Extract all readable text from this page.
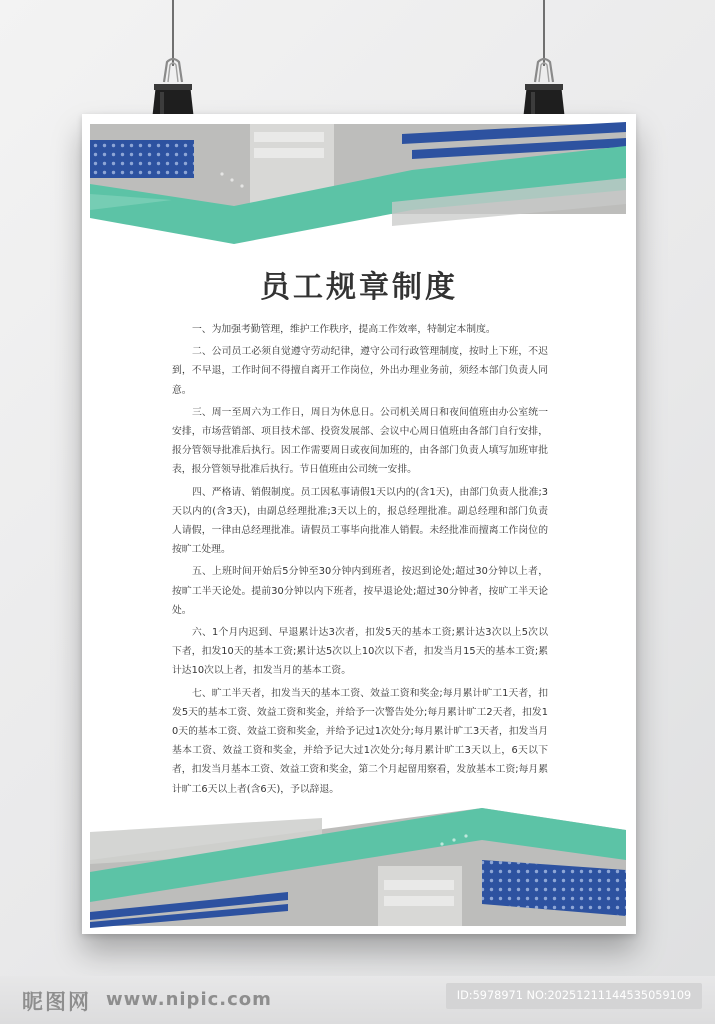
员工规章制度

一、为加强考勤管理，维护工作秩序，提高工作效率，特制定本制度。

二、公司员工必须自觉遵守劳动纪律，遵守公司行政管理制度，按时上下班，不迟到，不早退，工作时间不得擅自离开工作岗位，外出办理业务前，须经本部门负责人同意。

三、周一至周六为工作日，周日为休息日。公司机关周日和夜间值班由办公室统一安排，市场营销部、项目技术部、投资发展部、会议中心周日值班由各部门自行安排，报分管领导批准后执行。因工作需要周日或夜间加班的，由各部门负责人填写加班审批表，报分管领导批准后执行。节日值班由公司统一安排。

四、严格请、销假制度。员工因私事请假1天以内的(含1天)，由部门负责人批准;3天以内的(含3天)，由副总经理批准;3天以上的，报总经理批准。副总经理和部门负责人请假，一律由总经理批准。请假员工事毕向批准人销假。未经批准而擅离工作岗位的按旷工处理。

五、上班时间开始后5分钟至30分钟内到班者，按迟到论处;超过30分钟以上者，按旷工半天论处。提前30分钟以内下班者，按早退论处;超过30分钟者，按旷工半天论处。

六、1个月内迟到、早退累计达3次者，扣发5天的基本工资;累计达3次以上5次以下者，扣发10天的基本工资;累计达5次以上10次以下者，扣发当月15天的基本工资;累计达10次以上者，扣发当月的基本工资。

七、旷工半天者，扣发当天的基本工资、效益工资和奖金;每月累计旷工1天者，扣发5天的基本工资、效益工资和奖金，并给予一次警告处分;每月累计旷工2天者，扣发10天的基本工资、效益工资和奖金，并给予记过1次处分;每月累计旷工3天者，扣发当月基本工资、效益工资和奖金，并给予记大过1次处分;每月累计旷工3天以上，6天以下者，扣发当月基本工资、效益工资和奖金，第二个月起留用察看，发放基本工资;每月累计旷工6天以上者(含6天)，予以辞退。

昵图网 www.nipic.com	ID:5978971 NO:20251211144535059109
